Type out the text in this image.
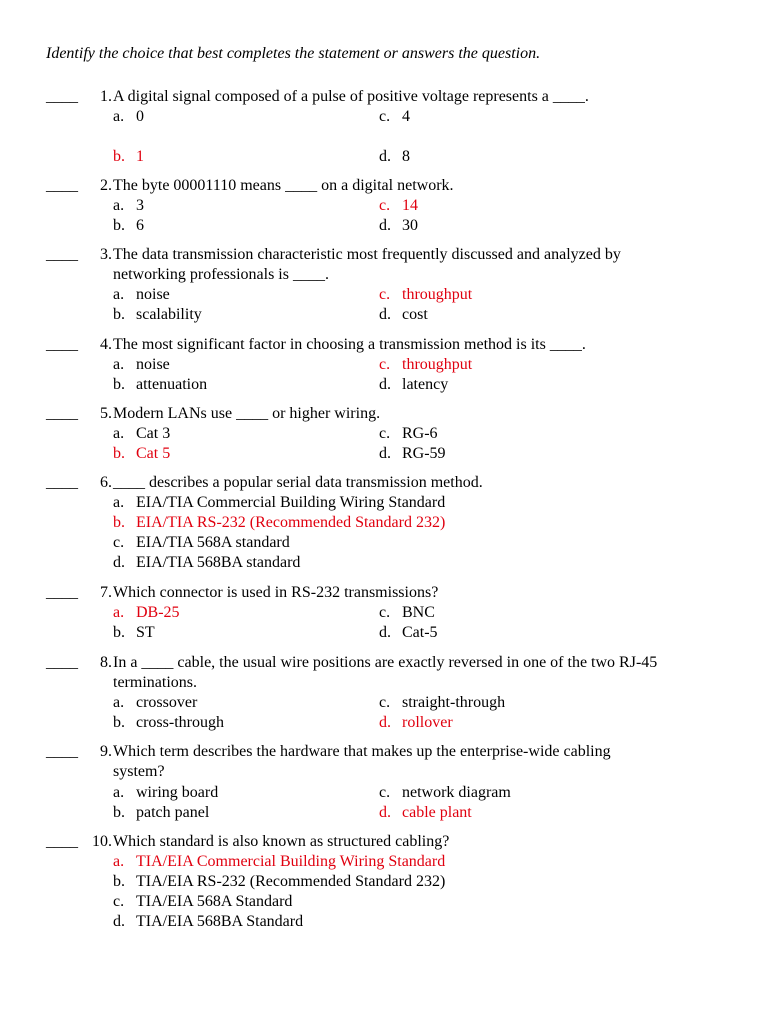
Identify the choice that best completes the statement or answers the question.
____ 1. A digital signal composed of a pulse of positive voltage represents a ____.
a. 0	c. 4
b. 1	d. 8
____ 2. The byte 00001110 means ____ on a digital network.
a. 3	c. 14
b. 6	d. 30
____ 3. The data transmission characteristic most frequently discussed and analyzed by networking professionals is ____.
a. noise	c. throughput
b. scalability	d. cost
____ 4. The most significant factor in choosing a transmission method is its ____.
a. noise	c. throughput
b. attenuation	d. latency
____ 5. Modern LANs use ____ or higher wiring.
a. Cat 3	c. RG-6
b. Cat 5	d. RG-59
____ 6. ____ describes a popular serial data transmission method.
a. EIA/TIA Commercial Building Wiring Standard
b. EIA/TIA RS-232 (Recommended Standard 232)
c. EIA/TIA 568A standard
d. EIA/TIA 568BA standard
____ 7. Which connector is used in RS-232 transmissions?
a. DB-25	c. BNC
b. ST	d. Cat-5
____ 8. In a ____ cable, the usual wire positions are exactly reversed in one of the two RJ-45 terminations.
a. crossover	c. straight-through
b. cross-through	d. rollover
____ 9. Which term describes the hardware that makes up the enterprise-wide cabling system?
a. wiring board	c. network diagram
b. patch panel	d. cable plant
____ 10. Which standard is also known as structured cabling?
a. TIA/EIA Commercial Building Wiring Standard
b. TIA/EIA RS-232 (Recommended Standard 232)
c. TIA/EIA 568A Standard
d. TIA/EIA 568BA Standard
